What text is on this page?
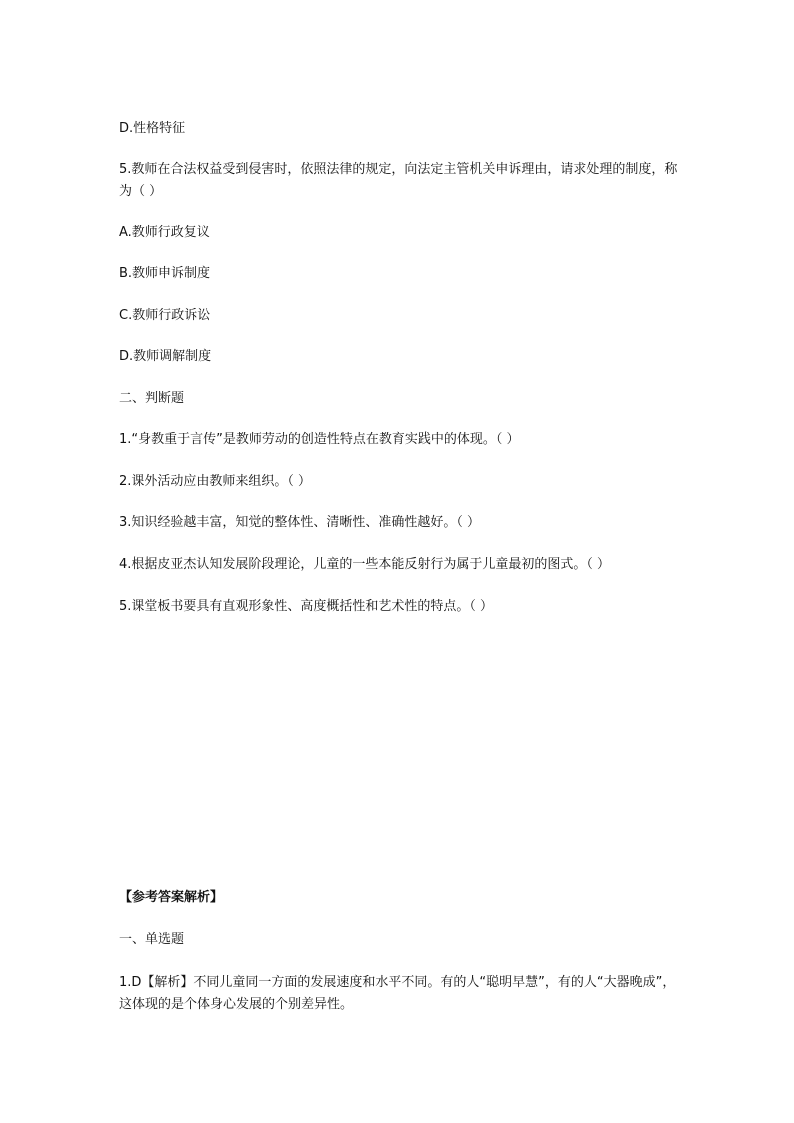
D.性格特征
5.教师在合法权益受到侵害时，依照法律的规定，向法定主管机关申诉理由，请求处理的制度，称为（ ）
A.教师行政复议
B.教师申诉制度
C.教师行政诉讼
D.教师调解制度
二、判断题
1.“身教重于言传”是教师劳动的创造性特点在教育实践中的体现。（ ）
2.课外活动应由教师来组织。（ ）
3.知识经验越丰富，知觉的整体性、清晰性、准确性越好。（ ）
4.根据皮亚杰认知发展阶段理论，儿童的一些本能反射行为属于儿童最初的图式。（ ）
5.课堂板书要具有直观形象性、高度概括性和艺术性的特点。（ ）
【参考答案解析】
一、单选题
1.D【解析】不同儿童同一方面的发展速度和水平不同。有的人“聪明早慧”，有的人“大器晚成”，这体现的是个体身心发展的个别差异性。
